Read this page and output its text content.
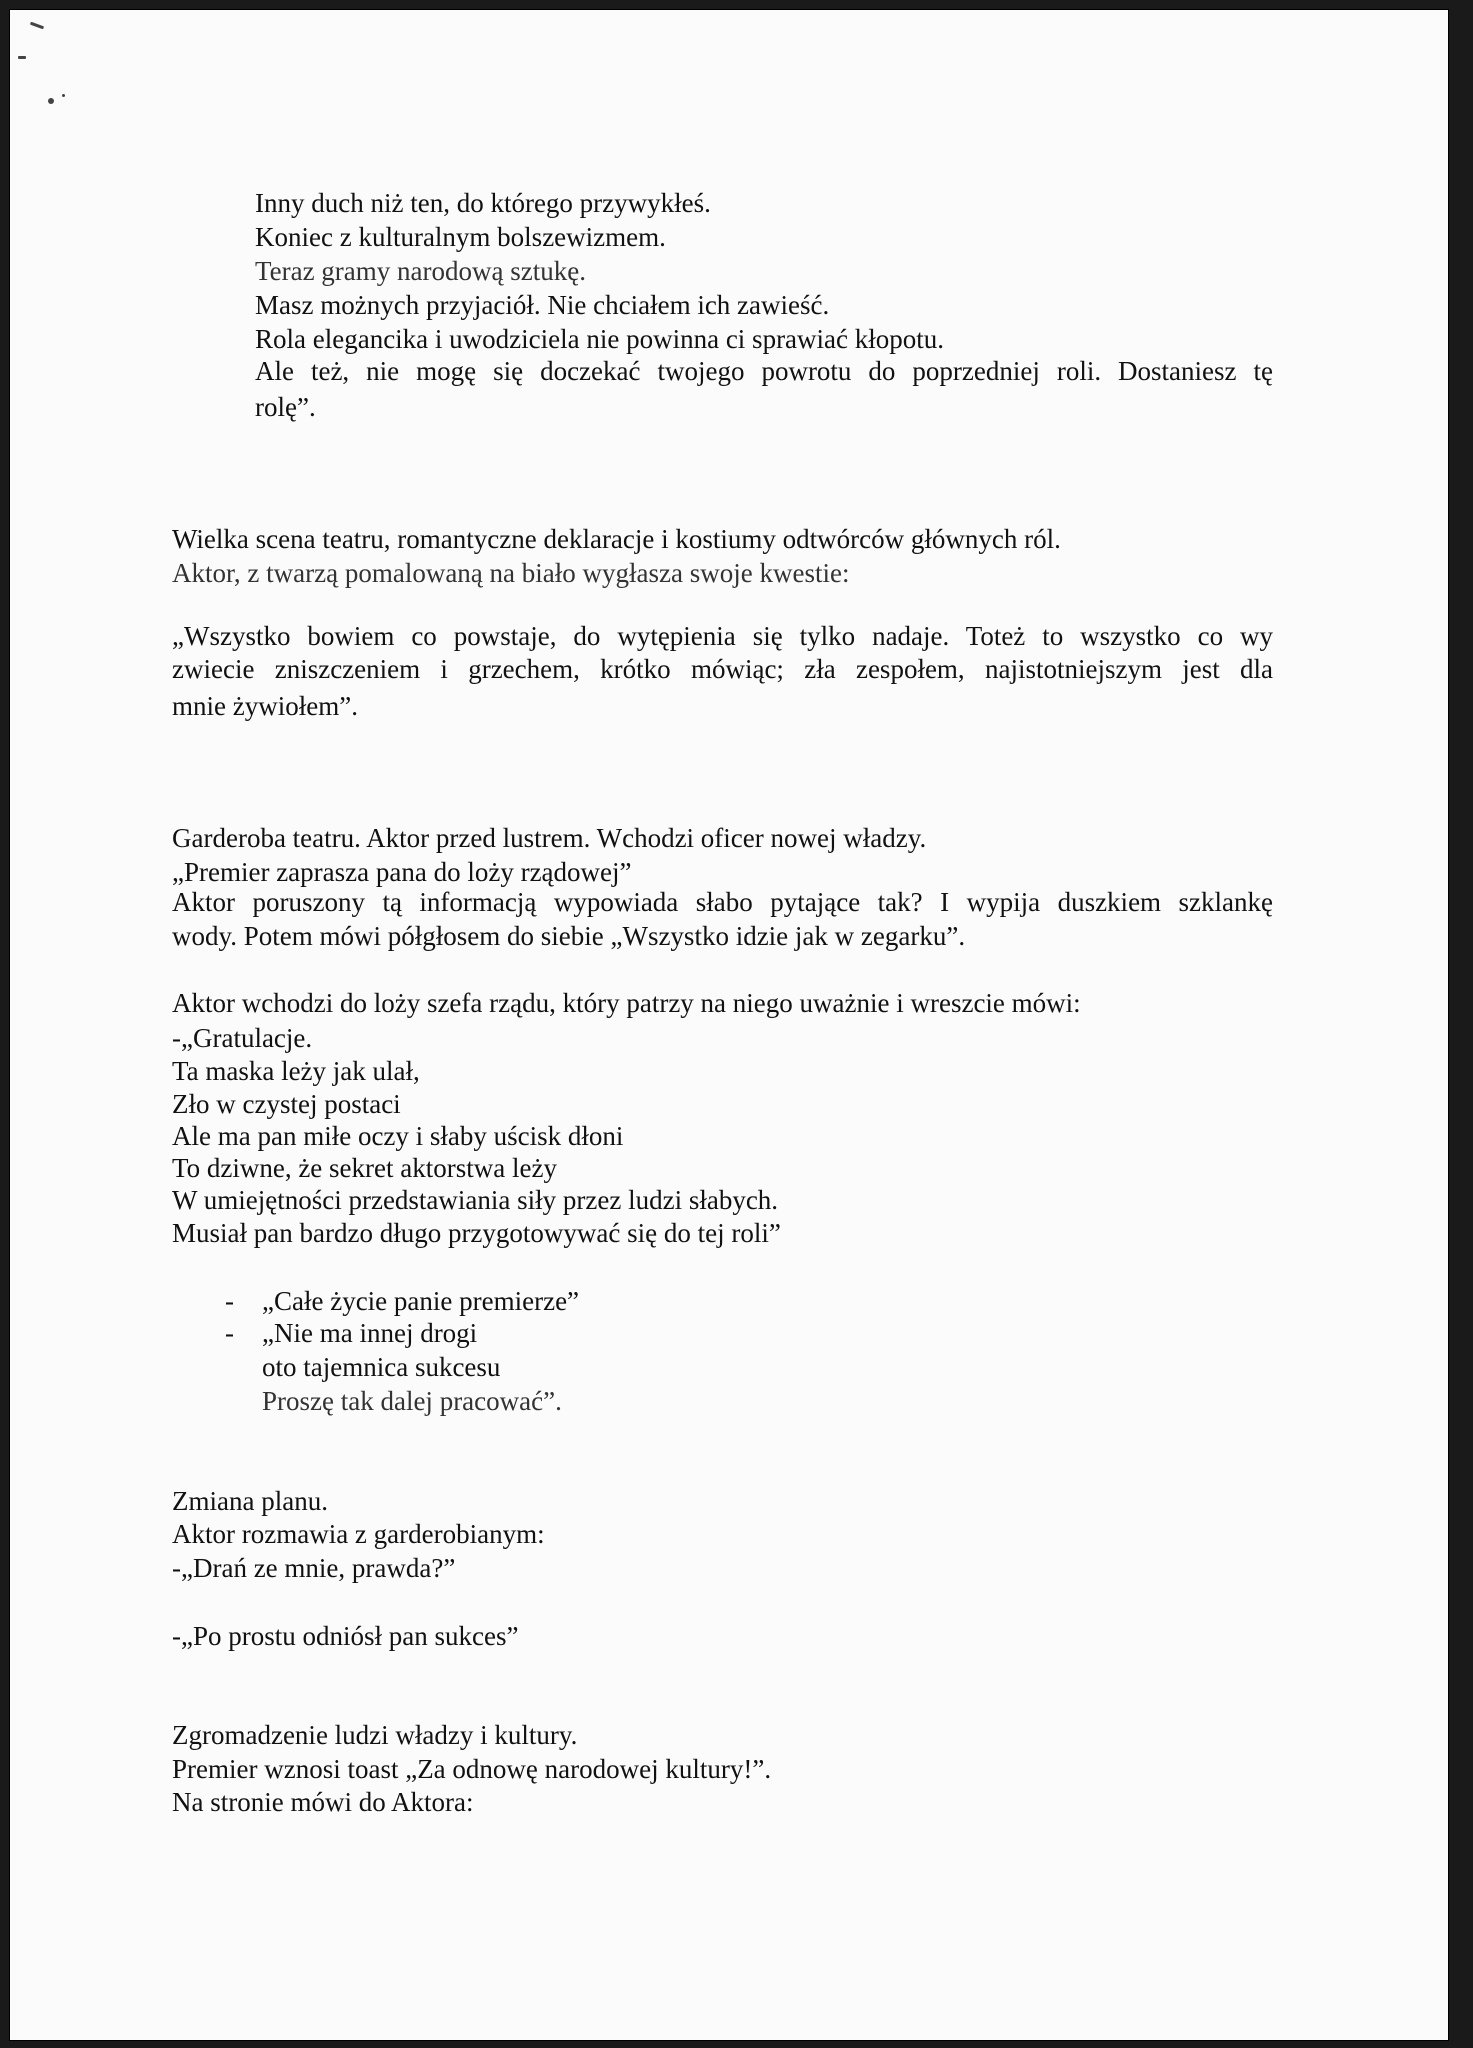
Inny duch niż ten, do którego przywykłeś.
Koniec z kulturalnym bolszewizmem.
Teraz gramy narodową sztukę.
Masz możnych przyjaciół. Nie chciałem ich zawieść.
Rola elegancika i uwodziciela nie powinna ci sprawiać kłopotu.
Ale też, nie mogę się doczekać twojego powrotu do poprzedniej roli. Dostaniesz tę
rolę”.
Wielka scena teatru, romantyczne deklaracje i kostiumy odtwórców głównych ról.
Aktor, z twarzą pomalowaną na biało wygłasza swoje kwestie:
„Wszystko bowiem co powstaje, do wytępienia się tylko nadaje. Toteż to wszystko co wy
zwiecie zniszczeniem i grzechem, krótko mówiąc; zła zespołem, najistotniejszym jest dla
mnie żywiołem”.
Garderoba teatru. Aktor przed lustrem. Wchodzi oficer nowej władzy.
„Premier zaprasza pana do loży rządowej”
Aktor poruszony tą informacją wypowiada słabo pytające tak? I wypija duszkiem szklankę
wody. Potem mówi półgłosem do siebie „Wszystko idzie jak w zegarku”.
Aktor wchodzi do loży szefa rządu, który patrzy na niego uważnie i wreszcie mówi:
-„Gratulacje.
Ta maska leży jak ulał,
Zło w czystej postaci
Ale ma pan miłe oczy i słaby uścisk dłoni
To dziwne, że sekret aktorstwa leży
W umiejętności przedstawiania siły przez ludzi słabych.
Musiał pan bardzo długo przygotowywać się do tej roli”
-
-
„Całe życie panie premierze”
„Nie ma innej drogi
oto tajemnica sukcesu
Proszę tak dalej pracować”.
Zmiana planu.
Aktor rozmawia z garderobianym:
-„Drań ze mnie, prawda?”
-„Po prostu odniósł pan sukces”
Zgromadzenie ludzi władzy i kultury.
Premier wznosi toast „Za odnowę narodowej kultury!”.
Na stronie mówi do Aktora:
